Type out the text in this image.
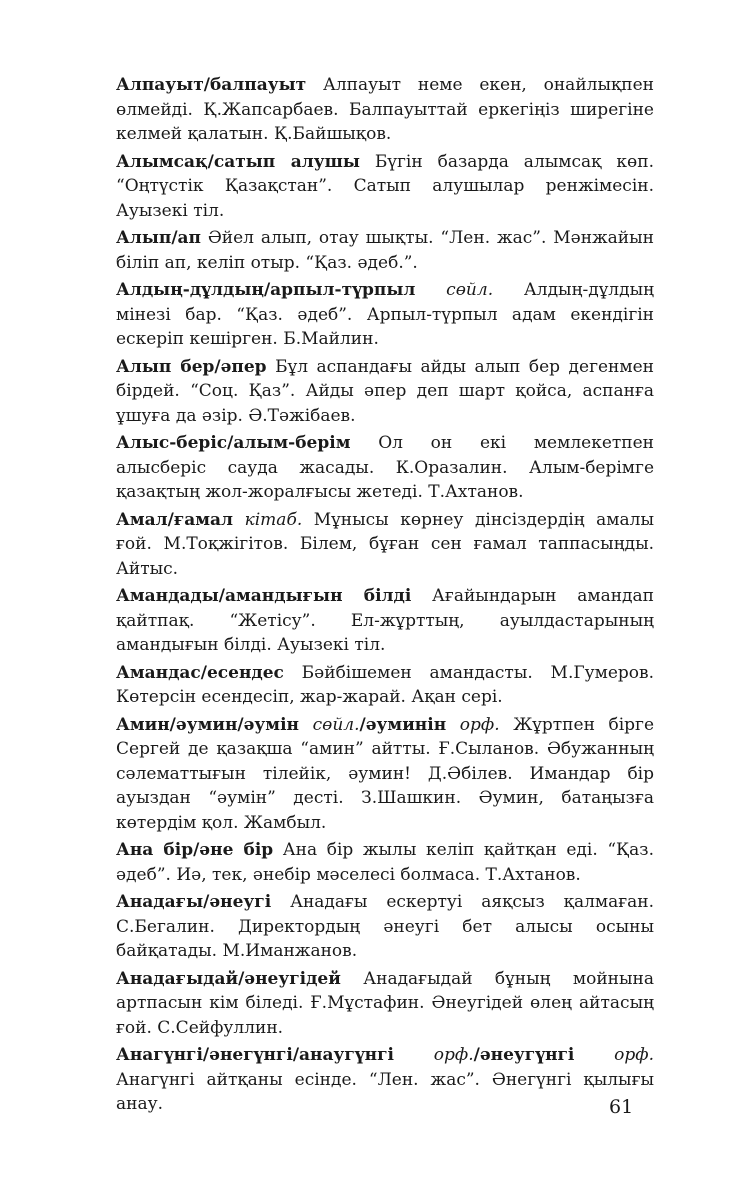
Алпауыт/балпауыт Алпауыт неме екен, онайлықпен өлмейді. Қ.Жапсарбаев. Балпауыттай еркегіңіз ширегіне келмей қалатын. Қ.Байшықов.
Алымсақ/сатып алушы Бүгін базарда алымсақ көп. “Оңтүстік Қазақстан”. Сатып алушылар ренжімесін. Ауызекі тіл.
Алып/ап Әйел алып, отау шықты. “Лен. жас”. Мәнжайын біліп ап, келіп отыр. “Қаз. әдеб.”.
Алдың-дұлдың/арпыл-түрпыл сөйл. Алдың-дұлдың мінезі бар. “Қаз. әдеб”. Арпыл-түрпыл адам екендігін ескеріп кешірген. Б.Майлин.
Алып бер/әпер Бұл аспандағы айды алып бер дегенмен бірдей. “Соц. Қаз”. Айды әпер деп шарт қойса, аспанға ұшуға да әзір. Ә.Тәжібаев.
Алыс-беріс/алым-берім Ол он екі мемлекетпен алысберіс сауда жасады. К.Оразалин. Алым-берімге қазақтың жол-жоралғысы жетеді. Т.Ахтанов.
Амал/ғамал кітаб. Мұнысы көрнеу дінсіздердің амалы ғой. М.Тоқжігітов. Білем, бұған сен ғамал таппасыңды. Айтыс.
Амандады/амандығын білді Ағайындарын амандап қайтпақ. “Жетісу”. Ел-жұрттың, ауылдастарының амандығын білді. Ауызекі тіл.
Амандас/есендес Бәйбішемен амандасты. М.Гумеров. Көтерсін есендесіп, жар-жарай. Ақан сері.
Амин/әумин/әумін сөйл./әуминін орф. Жұртпен бірге Сергей де қазақша “амин” айтты. Ғ.Сыланов. Әбужанның сәлематтығын тілейік, әумин! Д.Әбілев. Имандар бір ауыздан “әумін” десті. З.Шашкин. Әумин, батаңызға көтердім қол. Жамбыл.
Ана бір/әне бір Ана бір жылы келіп қайтқан еді. “Қаз. әдеб”. Иә, тек, әнебір мәселесі болмаса. Т.Ахтанов.
Анадағы/әнеугі Анадағы ескертуі аяқсыз қалмаған. С.Бегалин. Директордың әнеугі бет алысы осыны байқатады. М.Иманжанов.
Анадағыдай/әнеугідей Анадағыдай бұның мойнына артпасын кім біледі. Ғ.Мұстафин. Әнеугідей өлең айтасың ғой. С.Сейфуллин.
Анагүнгі/әнегүнгі/анаугүнгі орф./әнеугүнгі орф. Анагүнгі айтқаны есінде. “Лен. жас”. Әнегүнгі қылығы анау.	61
